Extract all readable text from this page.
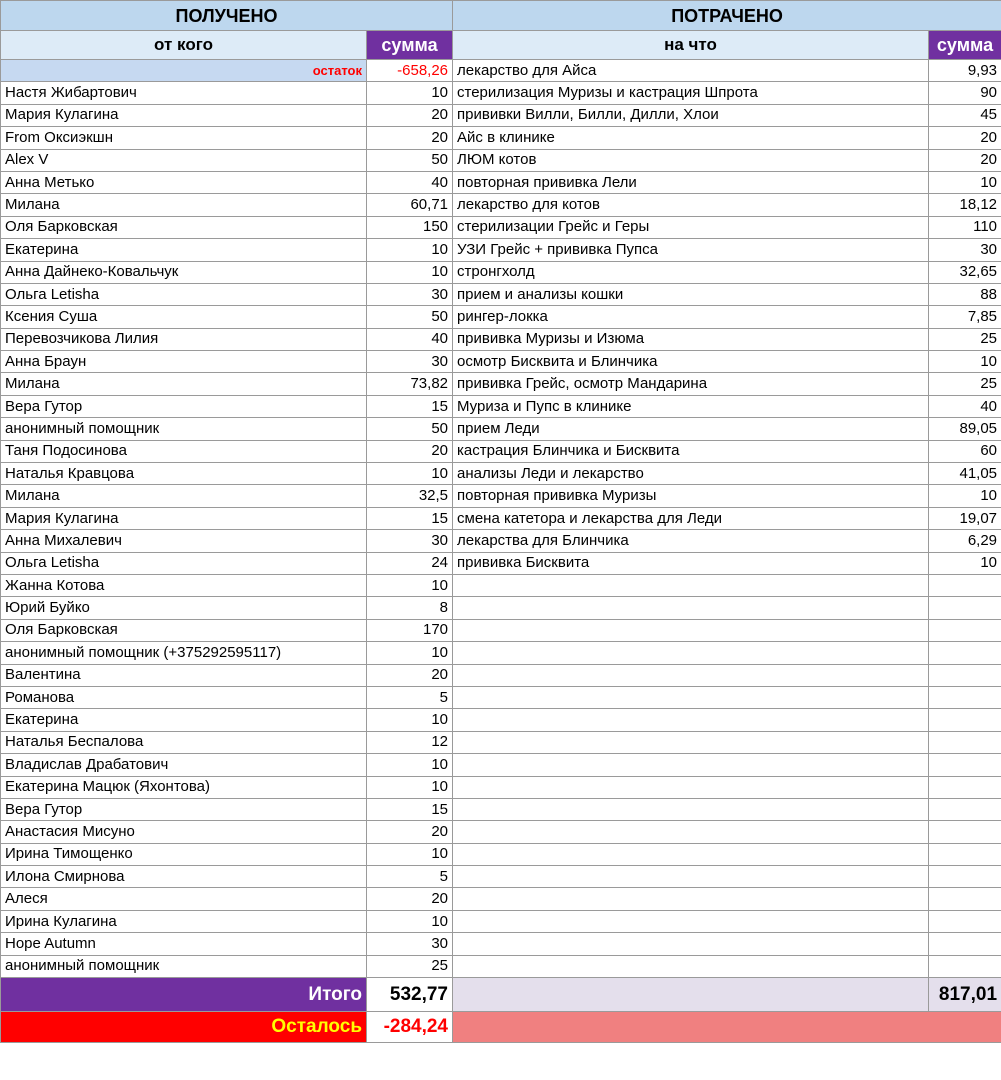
ПОЛУЧЕНО		ПОТРАЧЕНО	
от кого	сумма	на что	сумма
остаток	-658,26	лекарство для Айса	9,93
Настя Жибартович	10	стерилизация Муризы и кастрация Шпрота	90
Мария Кулагина	20	прививки Вилли, Билли, Дилли, Хлои	45
From Оксиэкшн	20	Айс в клинике	20
Alex V	50	ЛЮМ котов	20
Анна Метько	40	повторная прививка Лели	10
Милана	60,71	лекарство для котов	18,12
Оля Барковская	150	стерилизации Грейс и Геры	110
Екатерина	10	УЗИ Грейс + прививка Пупса	30
Анна Дайнеко-Ковальчук	10	стронгхолд	32,65
Ольга Letisha	30	прием и анализы кошки	88
Ксения Суша	50	рингер-локка	7,85
Перевозчикова Лилия	40	прививка Муризы и Изюма	25
Анна Браун	30	осмотр Бисквита и Блинчика	10
Милана	73,82	прививка Грейс, осмотр Мандарина	25
Вера Гутор	15	Муриза и Пупс в клинике	40
анонимный помощник	50	прием Леди	89,05
Таня Подосинова	20	кастрация Блинчика и Бисквита	60
Наталья Кравцова	10	анализы Леди и лекарство	41,05
Милана	32,5	повторная прививка Муризы	10
Мария Кулагина	15	смена катетора и лекарства для Леди	19,07
Анна Михалевич	30	лекарства для Блинчика	6,29
Ольга Letisha	24	прививка Бисквита	10
Жанна Котова	10		
Юрий Буйко	8		
Оля Барковская	170		
анонимный помощник (+375292595117)	10		
Валентина	20		
Романова	5		
Екатерина	10		
Наталья Беспалова	12		
Владислав Драбатович	10		
Екатерина Мацюк (Яхонтова)	10		
Вера Гутор	15		
Анастасия Мисуно	20		
Ирина Тимощенко	10		
Илона Смирнова	5		
Алеся	20		
Ирина Кулагина	10		
Hope Autumn	30		
анонимный помощник	25		
Итого	532,77		817,01
Осталось	-284,24		
